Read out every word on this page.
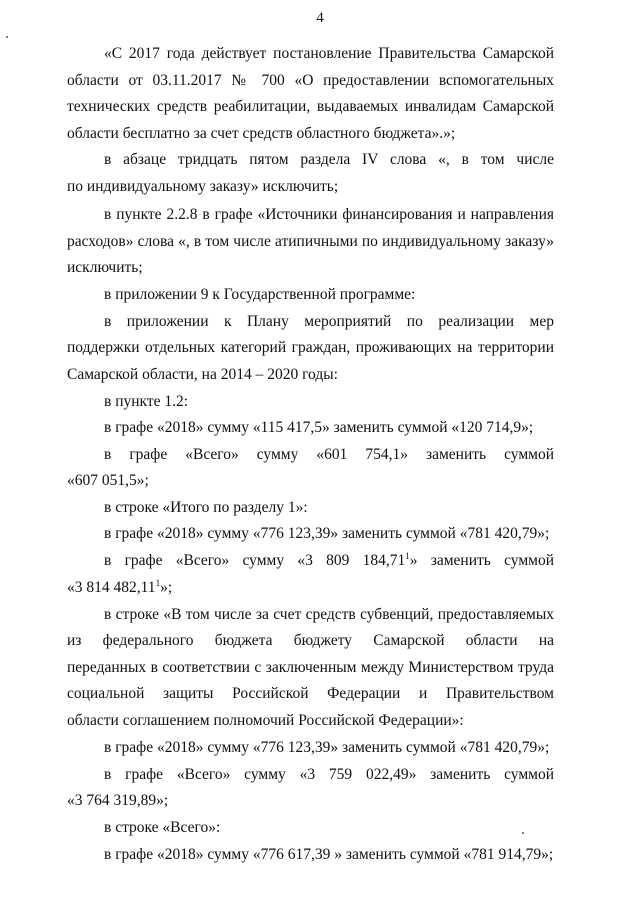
4
«С 2017 года действует постановление Правительства Самарской
области от 03.11.2017 № 700 «О предоставлении вспомогательных
технических средств реабилитации, выдаваемых инвалидам Самарской
области бесплатно за счет средств областного бюджета».»;
в абзаце тридцать пятом раздела IV слова «, в том числе
по индивидуальному заказу» исключить;
в пункте 2.2.8 в графе «Источники финансирования и направления
расходов» слова «, в том числе атипичными по индивидуальному заказу»
исключить;
в приложении 9 к Государственной программе:
в приложении к Плану мероприятий по реализации мер
поддержки отдельных категорий граждан, проживающих на территории
Самарской области, на 2014 – 2020 годы:
в пункте 1.2:
в графе «2018» сумму «115 417,5» заменить суммой «120 714,9»;
в графе «Всего» сумму «601 754,1» заменить суммой
«607 051,5»;
в строке «Итого по разделу 1»:
в графе «2018» сумму «776 123,39» заменить суммой «781 420,79»;
в графе «Всего» сумму «3 809 184,71$^1$» заменить суммой
«3 814 482,11$^1$»;
в строке «В том числе за счет средств субвенций, предоставляемых
из федерального бюджета бюджету Самарской области на
переданных в соответствии с заключенным между Министерством труда
социальной защиты Российской Федерации и Правительством
области соглашением полномочий Российской Федерации»:
в графе «2018» сумму «776 123,39» заменить суммой «781 420,79»;
в графе «Всего» сумму «3 759 022,49» заменить суммой
«3 764 319,89»;
в строке «Всего»:
в графе «2018» сумму «776 617,39 » заменить суммой «781 914,79»;
